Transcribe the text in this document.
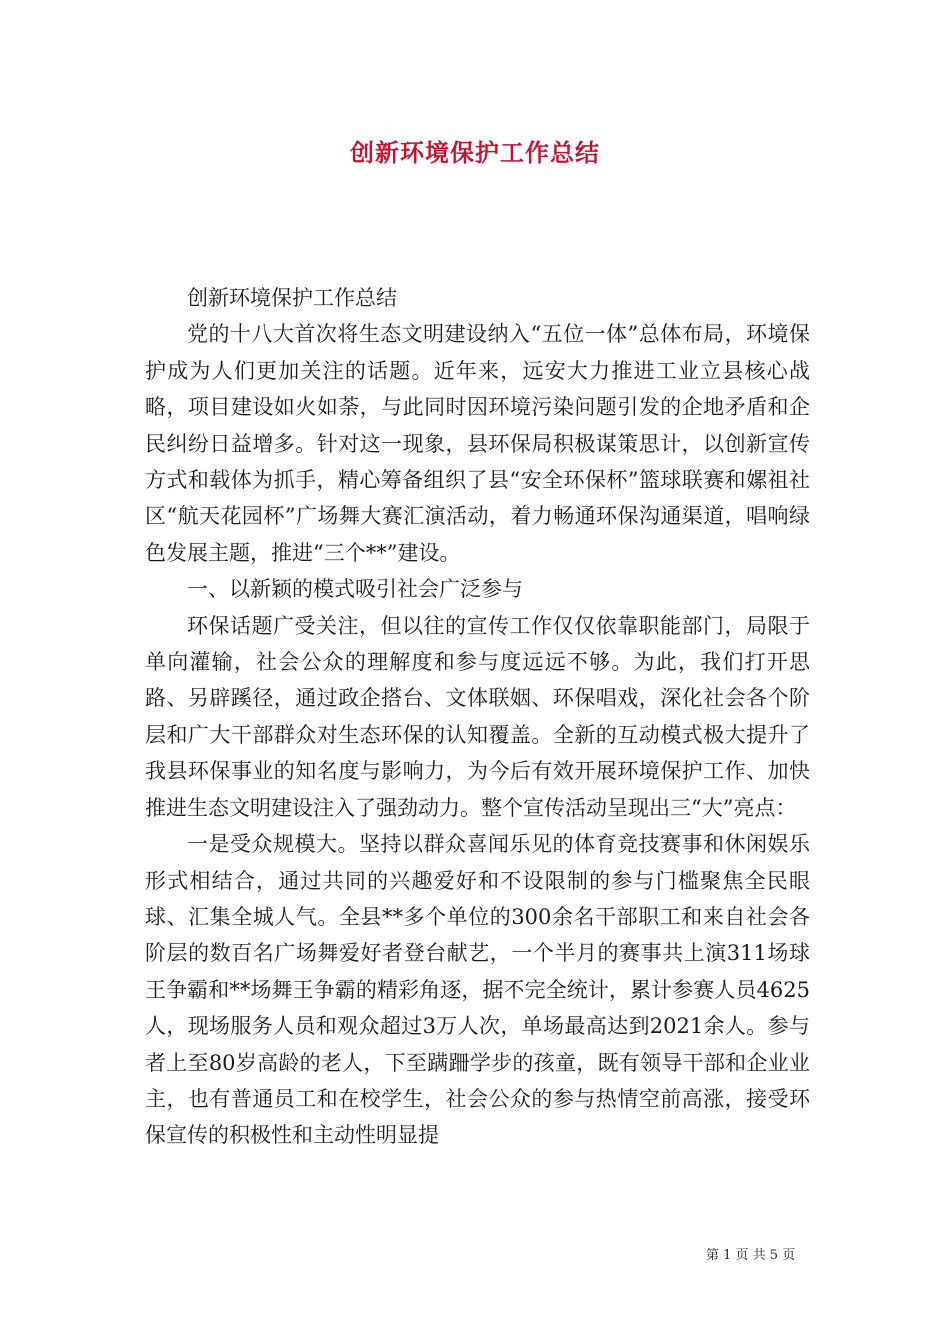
创新环境保护工作总结

创新环境保护工作总结

党的十八大首次将生态文明建设纳入“五位一体”总体布局，环境保护成为人们更加关注的话题。近年来，远安大力推进工业立县核心战略，项目建设如火如荼，与此同时因环境污染问题引发的企地矛盾和企民纠纷日益增多。针对这一现象，县环保局积极谋策思计，以创新宣传方式和载体为抓手，精心筹备组织了县“安全环保杯”篮球联赛和嫘祖社区“航天花园杯”广场舞大赛汇演活动，着力畅通环保沟通渠道，唱响绿色发展主题，推进“三个**”建设。

一、以新颖的模式吸引社会广泛参与

环保话题广受关注，但以往的宣传工作仅仅依靠职能部门，局限于单向灌输，社会公众的理解度和参与度远远不够。为此，我们打开思路、另辟蹊径，通过政企搭台、文体联姻、环保唱戏，深化社会各个阶层和广大干部群众对生态环保的认知覆盖。全新的互动模式极大提升了我县环保事业的知名度与影响力，为今后有效开展环境保护工作、加快推进生态文明建设注入了强劲动力。整个宣传活动呈现出三“大”亮点：

一是受众规模大。坚持以群众喜闻乐见的体育竞技赛事和休闲娱乐形式相结合，通过共同的兴趣爱好和不设限制的参与门槛聚焦全民眼球、汇集全城人气。全县**多个单位的300余名干部职工和来自社会各阶层的数百名广场舞爱好者登台献艺，一个半月的赛事共上演311场球王争霸和**场舞王争霸的精彩角逐，据不完全统计，累计参赛人员4625人，现场服务人员和观众超过3万人次，单场最高达到2021余人。参与者上至80岁高龄的老人，下至蹒跚学步的孩童，既有领导干部和企业业主，也有普通员工和在校学生，社会公众的参与热情空前高涨，接受环保宣传的积极性和主动性明显提

第 1 页 共 5 页
